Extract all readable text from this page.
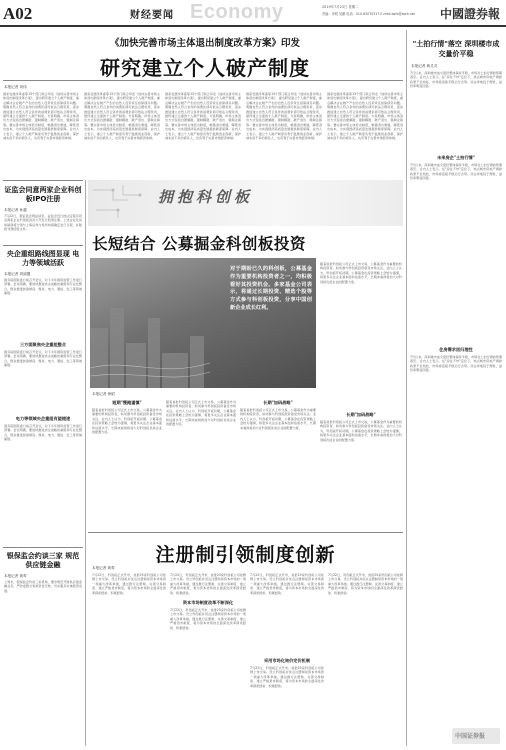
A02	财经要闻 Economy	2019年7月23日 星期二
责编：李明 吴鹏 电话：010-63070317 E-mail:zqrb@zqrb.net	中國證券報
《加快完善市场主体退出制度改革方案》印发
研究建立个人破产制度
本报记者 刘伟
国家发展改革委等13个部门联合印发《加快完善市场主体退出制度改革方案》，提出研究建立个人破产制度，重点解决企业破产产生的自然人连带责任担保债务问题。明确自然人符合条件的消费负债可依法合理免责，逐步推进建立自然人符合条件的消费负债可依法合理免责，最终建立全面的个人破产制度。方案明确，市场主体退出方式包括自愿解散、强制解散、破产退出、强制注销等。要完善市场主体退出制度，畅通退出渠道，降低退出成本，为实现经济高质量发展提供制度保障。业内人士表示，建立个人破产制度有利于鼓励创业创新，保护诚实而不幸的债务人，也有利于完善市场经济体制。
国家发展改革委等13个部门联合印发《加快完善市场主体退出制度改革方案》，提出研究建立个人破产制度，重点解决企业破产产生的自然人连带责任担保债务问题。明确自然人符合条件的消费负债可依法合理免责，逐步推进建立自然人符合条件的消费负债可依法合理免责，最终建立全面的个人破产制度。方案明确，市场主体退出方式包括自愿解散、强制解散、破产退出、强制注销等。要完善市场主体退出制度，畅通退出渠道，降低退出成本，为实现经济高质量发展提供制度保障。业内人士表示，建立个人破产制度有利于鼓励创业创新，保护诚实而不幸的债务人，也有利于完善市场经济体制。
国家发展改革委等13个部门联合印发《加快完善市场主体退出制度改革方案》，提出研究建立个人破产制度，重点解决企业破产产生的自然人连带责任担保债务问题。明确自然人符合条件的消费负债可依法合理免责，逐步推进建立自然人符合条件的消费负债可依法合理免责，最终建立全面的个人破产制度。方案明确，市场主体退出方式包括自愿解散、强制解散、破产退出、强制注销等。要完善市场主体退出制度，畅通退出渠道，降低退出成本，为实现经济高质量发展提供制度保障。业内人士表示，建立个人破产制度有利于鼓励创业创新，保护诚实而不幸的债务人，也有利于完善市场经济体制。
国家发展改革委等13个部门联合印发《加快完善市场主体退出制度改革方案》，提出研究建立个人破产制度，重点解决企业破产产生的自然人连带责任担保债务问题。明确自然人符合条件的消费负债可依法合理免责，逐步推进建立自然人符合条件的消费负债可依法合理免责，最终建立全面的个人破产制度。方案明确，市场主体退出方式包括自愿解散、强制解散、破产退出、强制注销等。要完善市场主体退出制度，畅通退出渠道，降低退出成本，为实现经济高质量发展提供制度保障。业内人士表示，建立个人破产制度有利于鼓励创业创新，保护诚实而不幸的债务人，也有利于完善市场经济体制。
国家发展改革委等13个部门联合印发《加快完善市场主体退出制度改革方案》，提出研究建立个人破产制度，重点解决企业破产产生的自然人连带责任担保债务问题。明确自然人符合条件的消费负债可依法合理免责，逐步推进建立自然人符合条件的消费负债可依法合理免责，最终建立全面的个人破产制度。方案明确，市场主体退出方式包括自愿解散、强制解散、破产退出、强制注销等。要完善市场主体退出制度，畅通退出渠道，降低退出成本，为实现经济高质量发展提供制度保障。业内人士表示，建立个人破产制度有利于鼓励创业创新，保护诚实而不幸的债务人，也有利于完善市场经济体制。
证监会同意两家企业科创板IPO注册
本报记者 孙越
7月22日，据证监会网站消息，证监会近日按法定程序同意两家企业科创板首次公开发行股票注册。上述企业及其承销商将分别与上海证券交易所协商确定发行日程，并陆续刊登招股文件。
央企重组路线图显现 电力等领域活跃
本报记者 刘丽靓
国务院国资委日前召开会议，对下半年国资监管工作进行部署。会议明确，要加快推进央企战略性重组和专业化整合，稳步推进装备制造、煤炭、电力、通信、化工等领域重组。
三方面聚焦央企重组整合
国务院国资委日前召开会议，对下半年国资监管工作进行部署。会议明确，要加快推进央企战略性重组和专业化整合，稳步推进装备制造、煤炭、电力、通信、化工等领域重组。
电力等领域央企重组有望提速
国务院国资委日前召开会议，对下半年国资监管工作进行部署。会议明确，要加快推进央企战略性重组和专业化整合，稳步推进装备制造、煤炭、电力、通信、化工等领域重组。
银保监会约谈三家 规范供应链金融
本报记者 黄莺
上周末，银保监会约谈三家机构，要求规范开展供应链金融业务，严防虚假交易和资金空转，切实服务实体经济发展。
拥抱科创板
长短结合 公募掘金科创板投资
对于期盼已久的科创板，公募基金作为重要机构投资者之一，均积极看好其投资机会。多家基金公司表示，将通过长期投资、精选个股等方式参与科创板投资，分享中国创新企业成长红利。
本报记者 徐昭
短期"慢跑谨慎"
随着首批科创板公司正式上市交易，公募基金作为重要的机构投资者，如何参与科创板投资备受市场关注。业内人士认为，科创板开板初期，公募基金在投资策略上会较为谨慎，将更多关注企业基本面和估值水平，长期来看则将加大对科创板优质企业的配置力度。
随着首批科创板公司正式上市交易，公募基金作为重要的机构投资者，如何参与科创板投资备受市场关注。业内人士认为，科创板开板初期，公募基金在投资策略上会较为谨慎，将更多关注企业基本面和估值水平，长期来看则将加大对科创板优质企业的配置力度。
长期"加码战略"
随着首批科创板公司正式上市交易，公募基金作为重要的机构投资者，如何参与科创板投资备受市场关注。业内人士认为，科创板开板初期，公募基金在投资策略上会较为谨慎，将更多关注企业基本面和估值水平，长期来看则将加大对科创板优质企业的配置力度。
随着首批科创板公司正式上市交易，公募基金作为重要的机构投资者，如何参与科创板投资备受市场关注。业内人士认为，科创板开板初期，公募基金在投资策略上会较为谨慎，将更多关注企业基本面和估值水平，长期来看则将加大对科创板优质企业的配置力度。
长期"加码战略"
随着首批科创板公司正式上市交易，公募基金作为重要的机构投资者，如何参与科创板投资备受市场关注。业内人士认为，科创板开板初期，公募基金在投资策略上会较为谨慎，将更多关注企业基本面和估值水平，长期来看则将加大对科创板优质企业的配置力度。
注册制引领制度创新
本报记者 黄莺
7月22日，科创板正式开市，首批25家科创板公司挂牌上市交易。设立科创板并试点注册制是资本市场的一项重大改革举措，通过推行注册制、完善交易制度、建立严格退市制度，将为资本市场的全面深化改革探索经验、积累经验。
资本市场制度改革不断深化
7月22日，科创板正式开市，首批25家科创板公司挂牌上市交易。设立科创板并试点注册制是资本市场的一项重大改革举措，通过推行注册制、完善交易制度、建立严格退市制度，将为资本市场的全面深化改革探索经验、积累经验。
7月22日，科创板正式开市，首批25家科创板公司挂牌上市交易。设立科创板并试点注册制是资本市场的一项重大改革举措，通过推行注册制、完善交易制度、建立严格退市制度，将为资本市场的全面深化改革探索经验、积累经验。
采用市场化询价定价机制
7月22日，科创板正式开市，首批25家科创板公司挂牌上市交易。设立科创板并试点注册制是资本市场的一项重大改革举措，通过推行注册制、完善交易制度、建立严格退市制度，将为资本市场的全面深化改革探索经验、积累经验。
7月22日，科创板正式开市，首批25家科创板公司挂牌上市交易。设立科创板并试点注册制是资本市场的一项重大改革举措，通过推行注册制、完善交易制度、建立严格退市制度，将为资本市场的全面深化改革探索经验、积累经验。
7月22日，科创板正式开市，首批25家科创板公司挂牌上市交易。设立科创板并试点注册制是资本市场的一项重大改革举措，通过推行注册制、完善交易制度、建立严格退市制度，将为资本市场的全面深化改革探索经验、积累经验。
"土拍行情"落空 深圳楼市成交量价平稳
本报记者 黄灵灵
7月以来，深圳楼市成交量价整体保持平稳，市场对土拍行情的预期落空。业内人士表示，在"房住不炒"定位下，热点城市房地产调控政策不会放松，市场将延续平稳运行态势。房企拿地趋于理性，溢价率明显回落。
未来房企"土拍行情"
7月以来，深圳楼市成交量价整体保持平稳，市场对土拍行情的预期落空。业内人士表示，在"房住不炒"定位下，热点城市房地产调控政策不会放松，市场将延续平稳运行态势。房企拿地趋于理性，溢价率明显回落。
住房需求回归理性
7月以来，深圳楼市成交量价整体保持平稳，市场对土拍行情的预期落空。业内人士表示，在"房住不炒"定位下，热点城市房地产调控政策不会放松，市场将延续平稳运行态势。房企拿地趋于理性，溢价率明显回落。
中国证券报
